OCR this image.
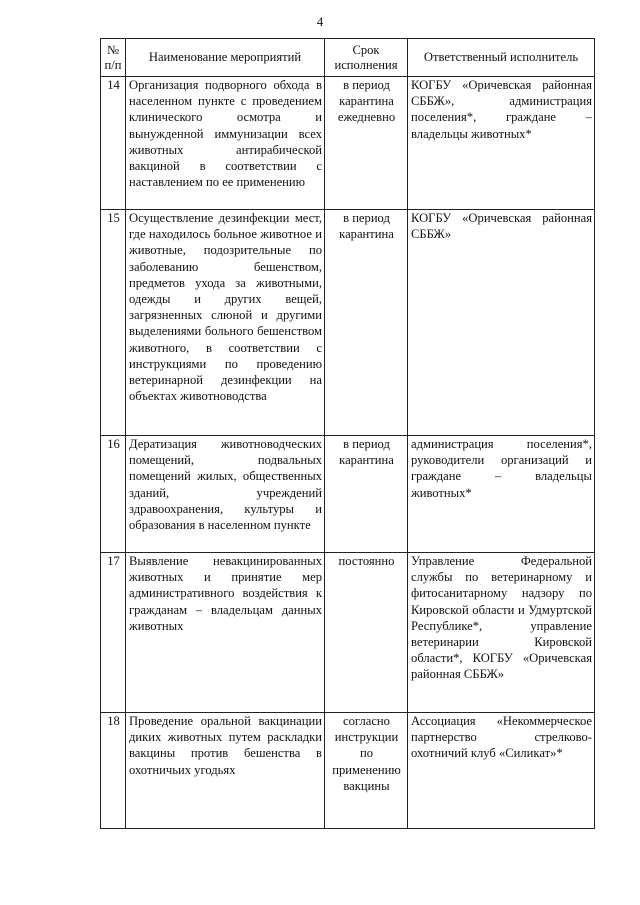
4
№
п/п	Наименование мероприятий	Срок исполнения	Ответственный исполнитель
14	Организация подворного обхода в населенном пункте с проведением клинического осмотра и вынужденной иммунизации всех животных антирабической вакциной в соответствии с наставлением по ее применению	в период карантина ежедневно	КОГБУ «Оричевская районная СББЖ», администрация поселения*, граждане – владельцы животных*
15	Осуществление дезинфекции мест, где находилось больное животное и животные, подозрительные по заболеванию бешенством, предметов ухода за животными, одежды и других вещей, загрязненных слюной и другими выделениями больного бешенством животного, в соответствии с инструкциями по проведению ветеринарной дезинфекции на объектах животноводства	в период карантина	КОГБУ «Оричевская районная СББЖ»
16	Дератизация животноводческих помещений, подвальных помещений жилых, общественных зданий, учреждений здравоохранения, культуры и образования в населенном пункте	в период карантина	администрация поселения*, руководители организаций и граждане – владельцы животных*
17	Выявление невакцинированных животных и принятие мер административного воздействия к гражданам – владельцам данных животных	постоянно	Управление Федеральной службы по ветеринарному и фитосанитарному надзору по Кировской области и Удмуртской Республике*, управление ветеринарии Кировской области*, КОГБУ «Оричевская районная СББЖ»
18	Проведение оральной вакцинации диких животных путем раскладки вакцины против бешенства в охотничьих угодьях	согласно инструкции по применению вакцины	Ассоциация «Некоммерческое партнерство стрелково-охотничий клуб «Силикат»*
